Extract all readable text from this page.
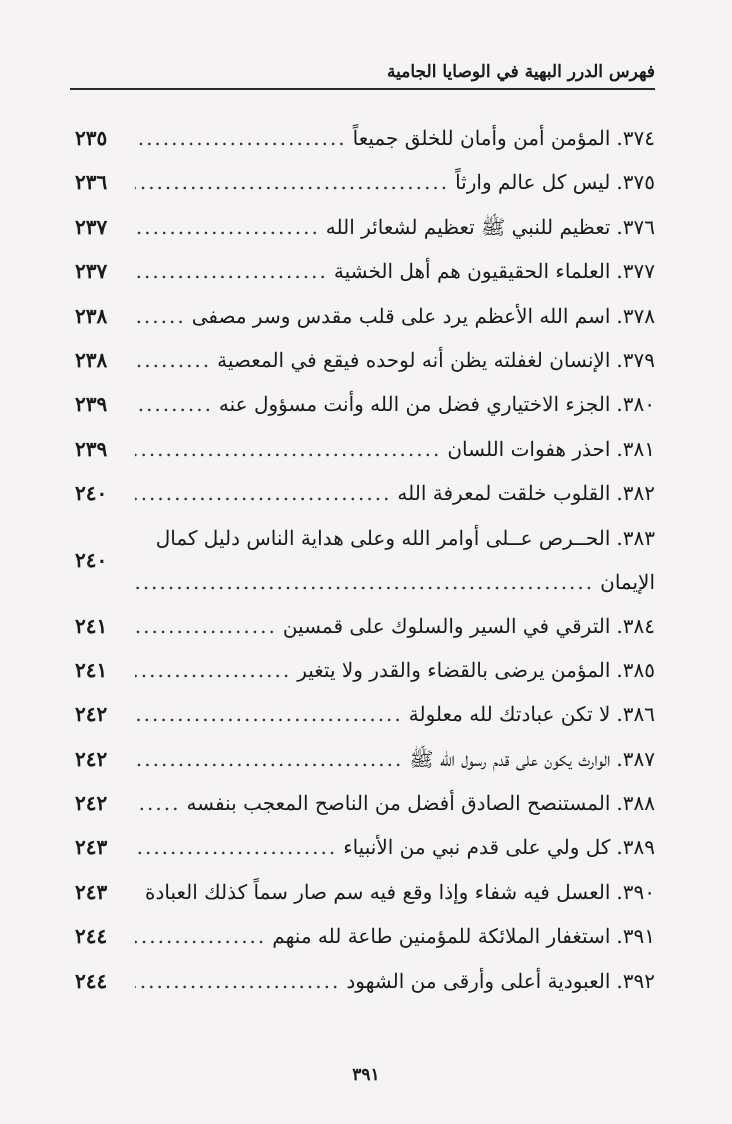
فهرس الدرر البهية في الوصايا الجامية
٣٧٤.
المؤمن أمن وأمان للخلق جميعاً
.....
٢٣٥
٣٧٥.
ليس كل عالم وارثاً
.....
٢٣٦
٣٧٦.
تعظيم للنبي ﷺ تعظيم لشعائر الله
.....
٢٣٧
٣٧٧.
العلماء الحقيقيون هم أهل الخشية
.....
٢٣٧
٣٧٨.
اسم الله الأعظم يرد على قلب مقدس وسر مصفى
.....
٢٣٨
٣٧٩.
الإنسان لغفلته يظن أنه لوحده فيقع في المعصية
.....
٢٣٨
٣٨٠.
الجزء الاختياري فضل من الله وأنت مسؤول عنه
.....
٢٣٩
٣٨١.
احذر هفوات اللسان
.....
٢٣٩
٣٨٢.
القلوب خلقت لمعرفة الله
.....
٢٤٠
٣٨٣.
الحــرص عــلى أوامر الله وعلى هداية الناس دليل كمال
الإيمان
.....
٢٤٠
٣٨٤.
الترقي في السير والسلوك على قمسين
.....
٢٤١
٣٨٥.
المؤمن يرضى بالقضاء والقدر ولا يتغير
.....
٢٤١
٣٨٦.
لا تكن عبادتك لله معلولة
.....
٢٤٢
٣٨٧.
الوارث يكون على قدم رسول الله ﷺ
.....
٢٤٢
٣٨٨.
المستنصح الصادق أفضل من الناصح المعجب بنفسه
.....
٢٤٢
٣٨٩.
كل ولي على قدم نبي من الأنبياء
.....
٢٤٣
٣٩٠.
العسل فيه شفاء وإذا وقع فيه سم صار سماً كذلك العبادة
.....
٢٤٣
٣٩١.
استغفار الملائكة للمؤمنين طاعة لله منهم
.....
٢٤٤
٣٩٢.
العبودية أعلى وأرقى من الشهود
.....
٢٤٤
٣٩١
